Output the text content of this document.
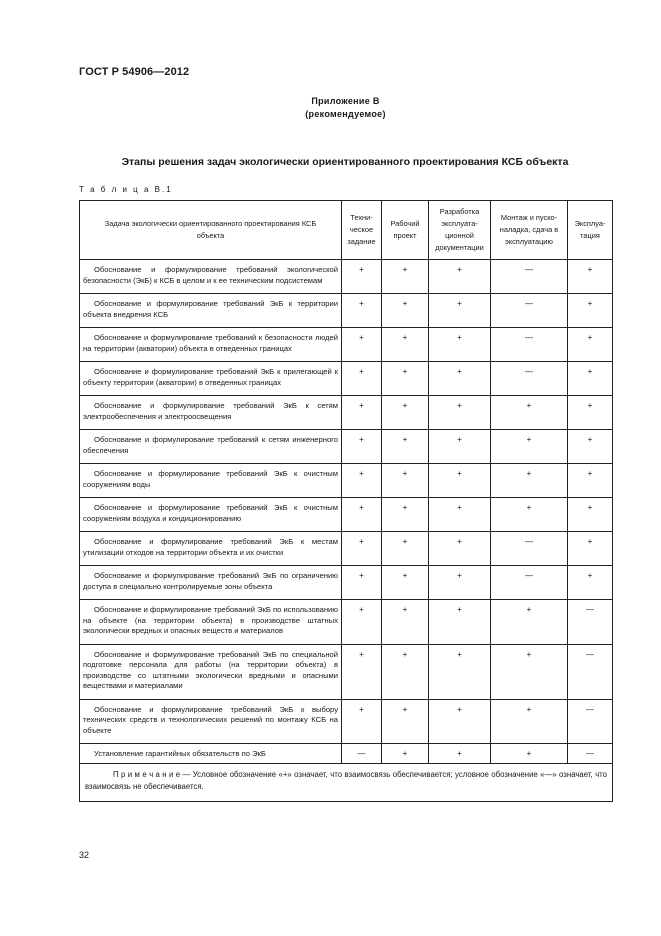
ГОСТ Р 54906—2012
Приложение В
(рекомендуемое)
Этапы решения задач экологически ориентированного проектирования КСБ объекта
Т а б л и ц а В.1
Задача экологически ориентированного проектирования КСБ объекта	Техни-ческое задание	Рабочий проект	Разработка эксплуата-ционной документации	Монтаж и пуско-наладка, сдача в эксплуатацию	Эксплуа-тация
Обоснование и формулирование требований экологической безопасности (ЭкБ) к КСБ в целом и к ее техническим подсистемам	+	+	+	—	+
Обоснование и формулирование требований ЭкБ к территории объекта внедрения КСБ	+	+	+	—	+
Обоснование и формулирование требований к безопасности людей на территории (акватории) объекта в отведенных границах	+	+	+	—	+
Обоснование и формулирование требований ЭкБ к прилегающей к объекту территории (акватории) в отведенных границах	+	+	+	—	+
Обоснование и формулирование требований ЭкБ к сетям электрообеспечения и электроосвещения	+	+	+	+	+
Обоснование и формулирование требований к сетям инженерного обеспечения	+	+	+	+	+
Обоснование и формулирование требований ЭкБ к очистным сооружениям воды	+	+	+	+	+
Обоснование и формулирование требований ЭкБ к очистным сооружениям воздуха и кондиционированию	+	+	+	+	+
Обоснование и формулирование требований ЭкБ к местам утилизации отходов на территории объекта и их очистки	+	+	+	—	+
Обоснование и формулирование требований ЭкБ по ограничению доступа в специально контролируемые зоны объекта	+	+	+	—	+
Обоснование и формулирование требований ЭкБ по использованию на объекте (на территории объекта) в производстве штатных экологически вредных и опасных веществ и материалов	+	+	+	+	—
Обоснование и формулирование требований ЭкБ по специальной подготовке персонала для работы (на территории объекта) в производстве со штатными экологически вредными и опасными веществами и материалами	+	+	+	+	—
Обоснование и формулирование требований ЭкБ к выбору технических средств и технологических решений по монтажу КСБ на объекте	+	+	+	+	—
Установление гарантийных обязательств по ЭкБ	—	+	+	+	—
П р и м е ч а н и е — Условное обозначение «+» означает, что взаимосвязь обеспечивается; условное обозначение «—» означает, что взаимосвязь не обеспечивается.					
32
